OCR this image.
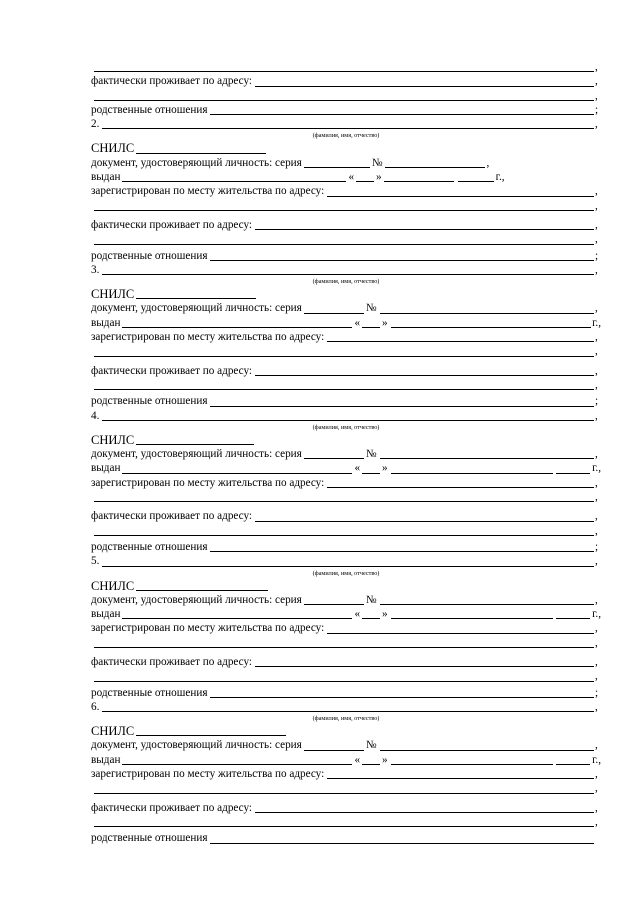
,
фактически проживает по адресу:	,
,
родственные отношения	;
2.	,
(фамилия, имя, отчество)
СНИЛС
документ, удостоверяющий личность: серия	№	,
выдан	« »	г.,
зарегистрирован по месту жительства по адресу:	,
,
фактически проживает по адресу:	,
,
родственные отношения	;
3.	,
(фамилия, имя, отчество)
СНИЛС
документ, удостоверяющий личность: серия	№	,
выдан	« »	г.,
зарегистрирован по месту жительства по адресу:	,
,
фактически проживает по адресу:	,
,
родственные отношения	;
4.	,
(фамилия, имя, отчество)
СНИЛС
документ, удостоверяющий личность: серия	№	,
выдан	« »	г.,
зарегистрирован по месту жительства по адресу:	,
,
фактически проживает по адресу:	,
,
родственные отношения	;
5.	,
(фамилия, имя, отчество)
СНИЛС
документ, удостоверяющий личность: серия	№	,
выдан	« »	г.,
зарегистрирован по месту жительства по адресу:	,
,
фактически проживает по адресу:	,
,
родственные отношения	;
6.	,
(фамилия, имя, отчество)
СНИЛС
документ, удостоверяющий личность: серия	№	,
выдан	« »	г.,
зарегистрирован по месту жительства по адресу:	,
,
фактически проживает по адресу:	,
,
родственные отношения
